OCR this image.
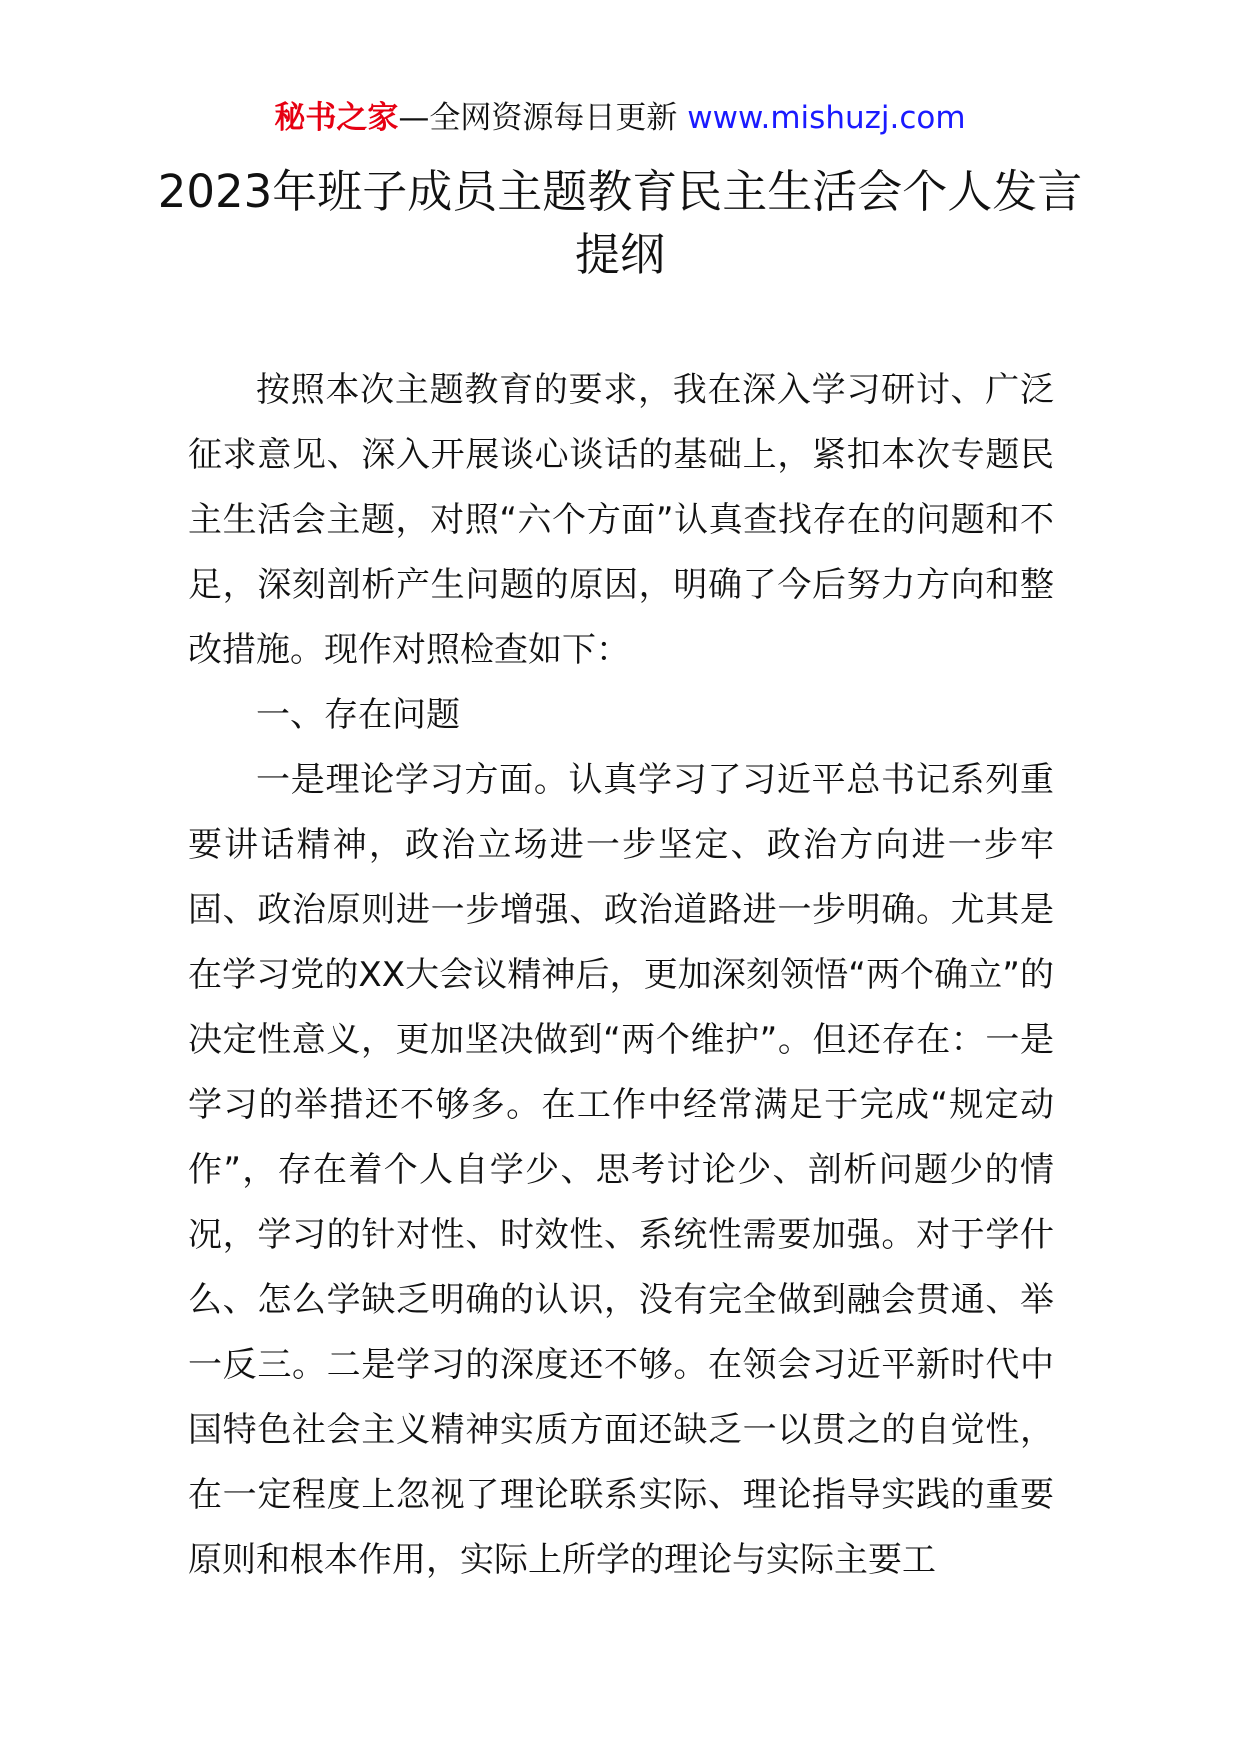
秘书之家—全网资源每日更新 www.mishuzj.com
2023年班子成员主题教育民主生活会个人发言提纲

按照本次主题教育的要求，我在深入学习研讨、广泛征求意见、深入开展谈心谈话的基础上，紧扣本次专题民主生活会主题，对照“六个方面”认真查找存在的问题和不足，深刻剖析产生问题的原因，明确了今后努力方向和整改措施。现作对照检查如下：

一、存在问题

一是理论学习方面。认真学习了习近平总书记系列重要讲话精神，政治立场进一步坚定、政治方向进一步牢固、政治原则进一步增强、政治道路进一步明确。尤其是在学习党的XX大会议精神后，更加深刻领悟“两个确立”的决定性意义，更加坚决做到“两个维护”。但还存在：一是学习的举措还不够多。在工作中经常满足于完成“规定动作”，存在着个人自学少、思考讨论少、剖析问题少的情况，学习的针对性、时效性、系统性需要加强。对于学什么、怎么学缺乏明确的认识，没有完全做到融会贯通、举一反三。二是学习的深度还不够。在领会习近平新时代中国特色社会主义精神实质方面还缺乏一以贯之的自觉性，在一定程度上忽视了理论联系实际、理论指导实践的重要原则和根本作用，实际上所学的理论与实际主要工
